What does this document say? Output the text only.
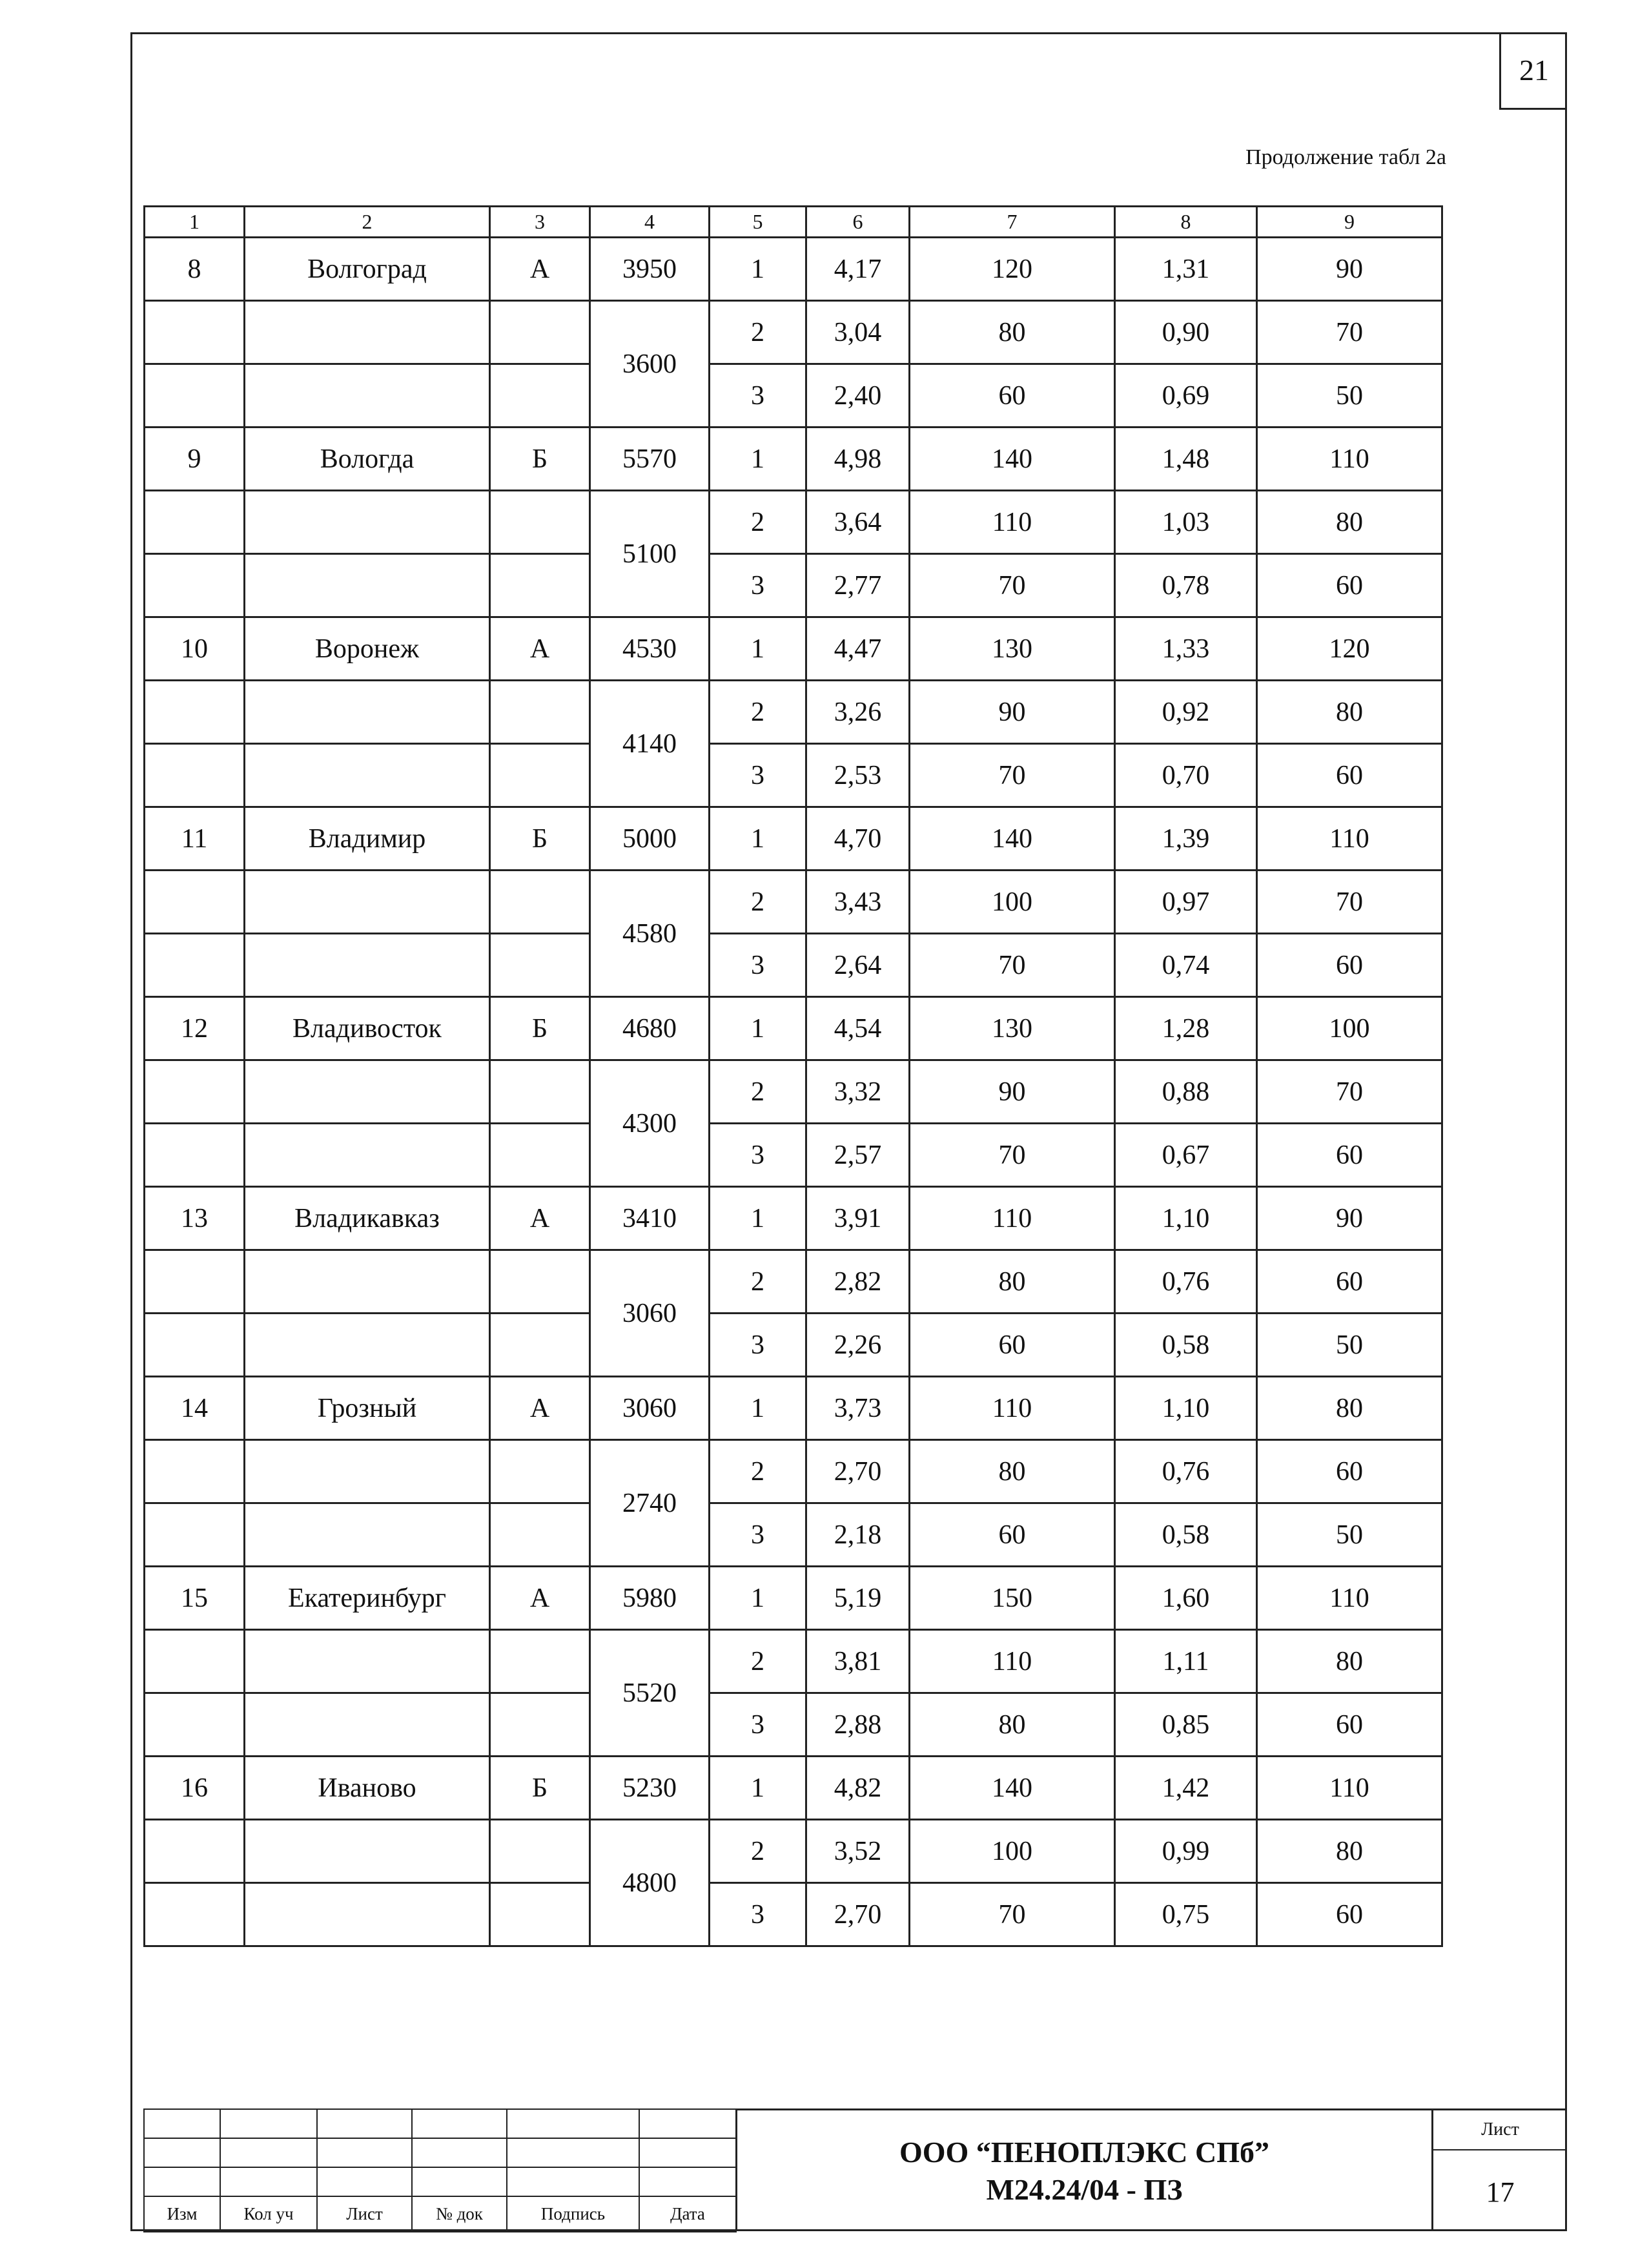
21
Продолжение табл 2а
1	2	3	4	5	6	7	8	9
8	Волгоград	А	3950	1	4,17	120	1,31	90
			3600	2	3,04	80	0,90	70
				3	2,40	60	0,69	50
9	Вологда	Б	5570	1	4,98	140	1,48	110
			5100	2	3,64	110	1,03	80
				3	2,77	70	0,78	60
10	Воронеж	А	4530	1	4,47	130	1,33	120
			4140	2	3,26	90	0,92	80
				3	2,53	70	0,70	60
11	Владимир	Б	5000	1	4,70	140	1,39	110
			4580	2	3,43	100	0,97	70
				3	2,64	70	0,74	60
12	Владивосток	Б	4680	1	4,54	130	1,28	100
			4300	2	3,32	90	0,88	70
				3	2,57	70	0,67	60
13	Владикавказ	А	3410	1	3,91	110	1,10	90
			3060	2	2,82	80	0,76	60
				3	2,26	60	0,58	50
14	Грозный	А	3060	1	3,73	110	1,10	80
			2740	2	2,70	80	0,76	60
				3	2,18	60	0,58	50
15	Екатеринбург	А	5980	1	5,19	150	1,60	110
			5520	2	3,81	110	1,11	80
				3	2,88	80	0,85	60
16	Иваново	Б	5230	1	4,82	140	1,42	110
			4800	2	3,52	100	0,99	80
				3	2,70	70	0,75	60

Изм	Кол уч	Лист	№ док	Подпись	Дата
ООО “ПЕНОПЛЭКС СПб”
М24.24/04 - ПЗ
Лист
17
